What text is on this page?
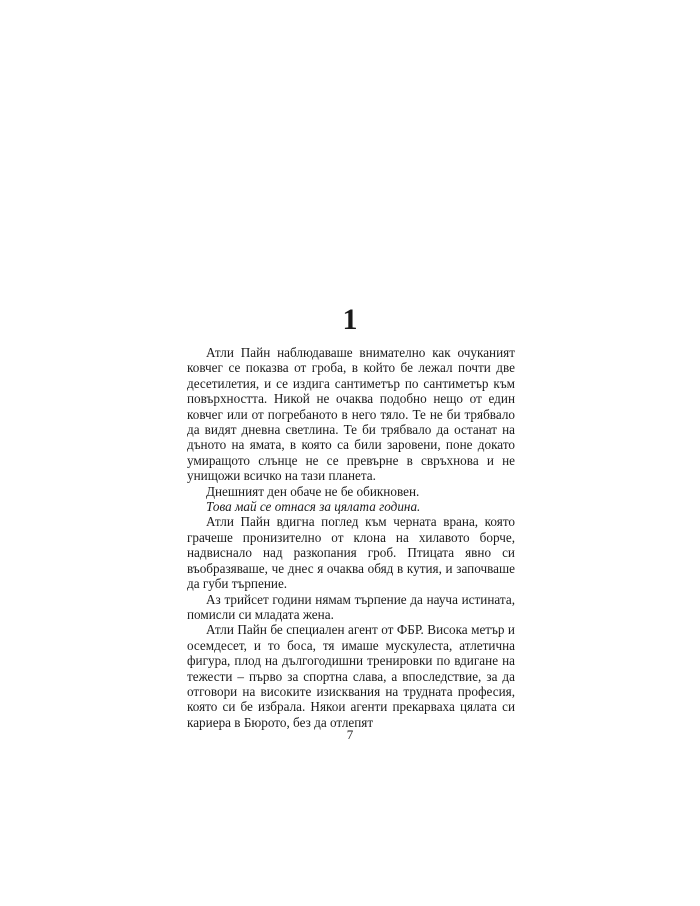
1

Атли Пайн наблюдаваше внимателно как очуканият ковчег се показва от гроба, в който бе лежал почти две десетилетия, и се издига сантиметър по сантиметър към повърхността. Никой не очаква подобно нещо от един ковчег или от погребаното в него тяло. Те не би трябвало да видят дневна светлина. Те би трябвало да останат на дъното на ямата, в която са били заровени, поне докато умиращото слънце не се превърне в свръхнова и не унищожи всичко на тази планета.

Днешният ден обаче не бе обикновен.

Това май се отнася за цялата година.

Атли Пайн вдигна поглед към черната врана, която грачеше пронизително от клона на хилавото борче, надвиснало над разкопания гроб. Птицата явно си въобразяваше, че днес я очаква обяд в кутия, и започваше да губи търпение.

Аз трийсет години нямам търпение да науча истината, помисли си младата жена.

Атли Пайн бе специален агент от ФБР. Висока метър и осемдесет, и то боса, тя имаше мускулеста, атлетична фигура, плод на дългогодишни тренировки по вдигане на тежести – първо за спортна слава, а впоследствие, за да отговори на високите изисквания на трудната професия, която си бе избрала. Някои агенти прекарваха цялата си кариера в Бюрото, без да отлепят

7
